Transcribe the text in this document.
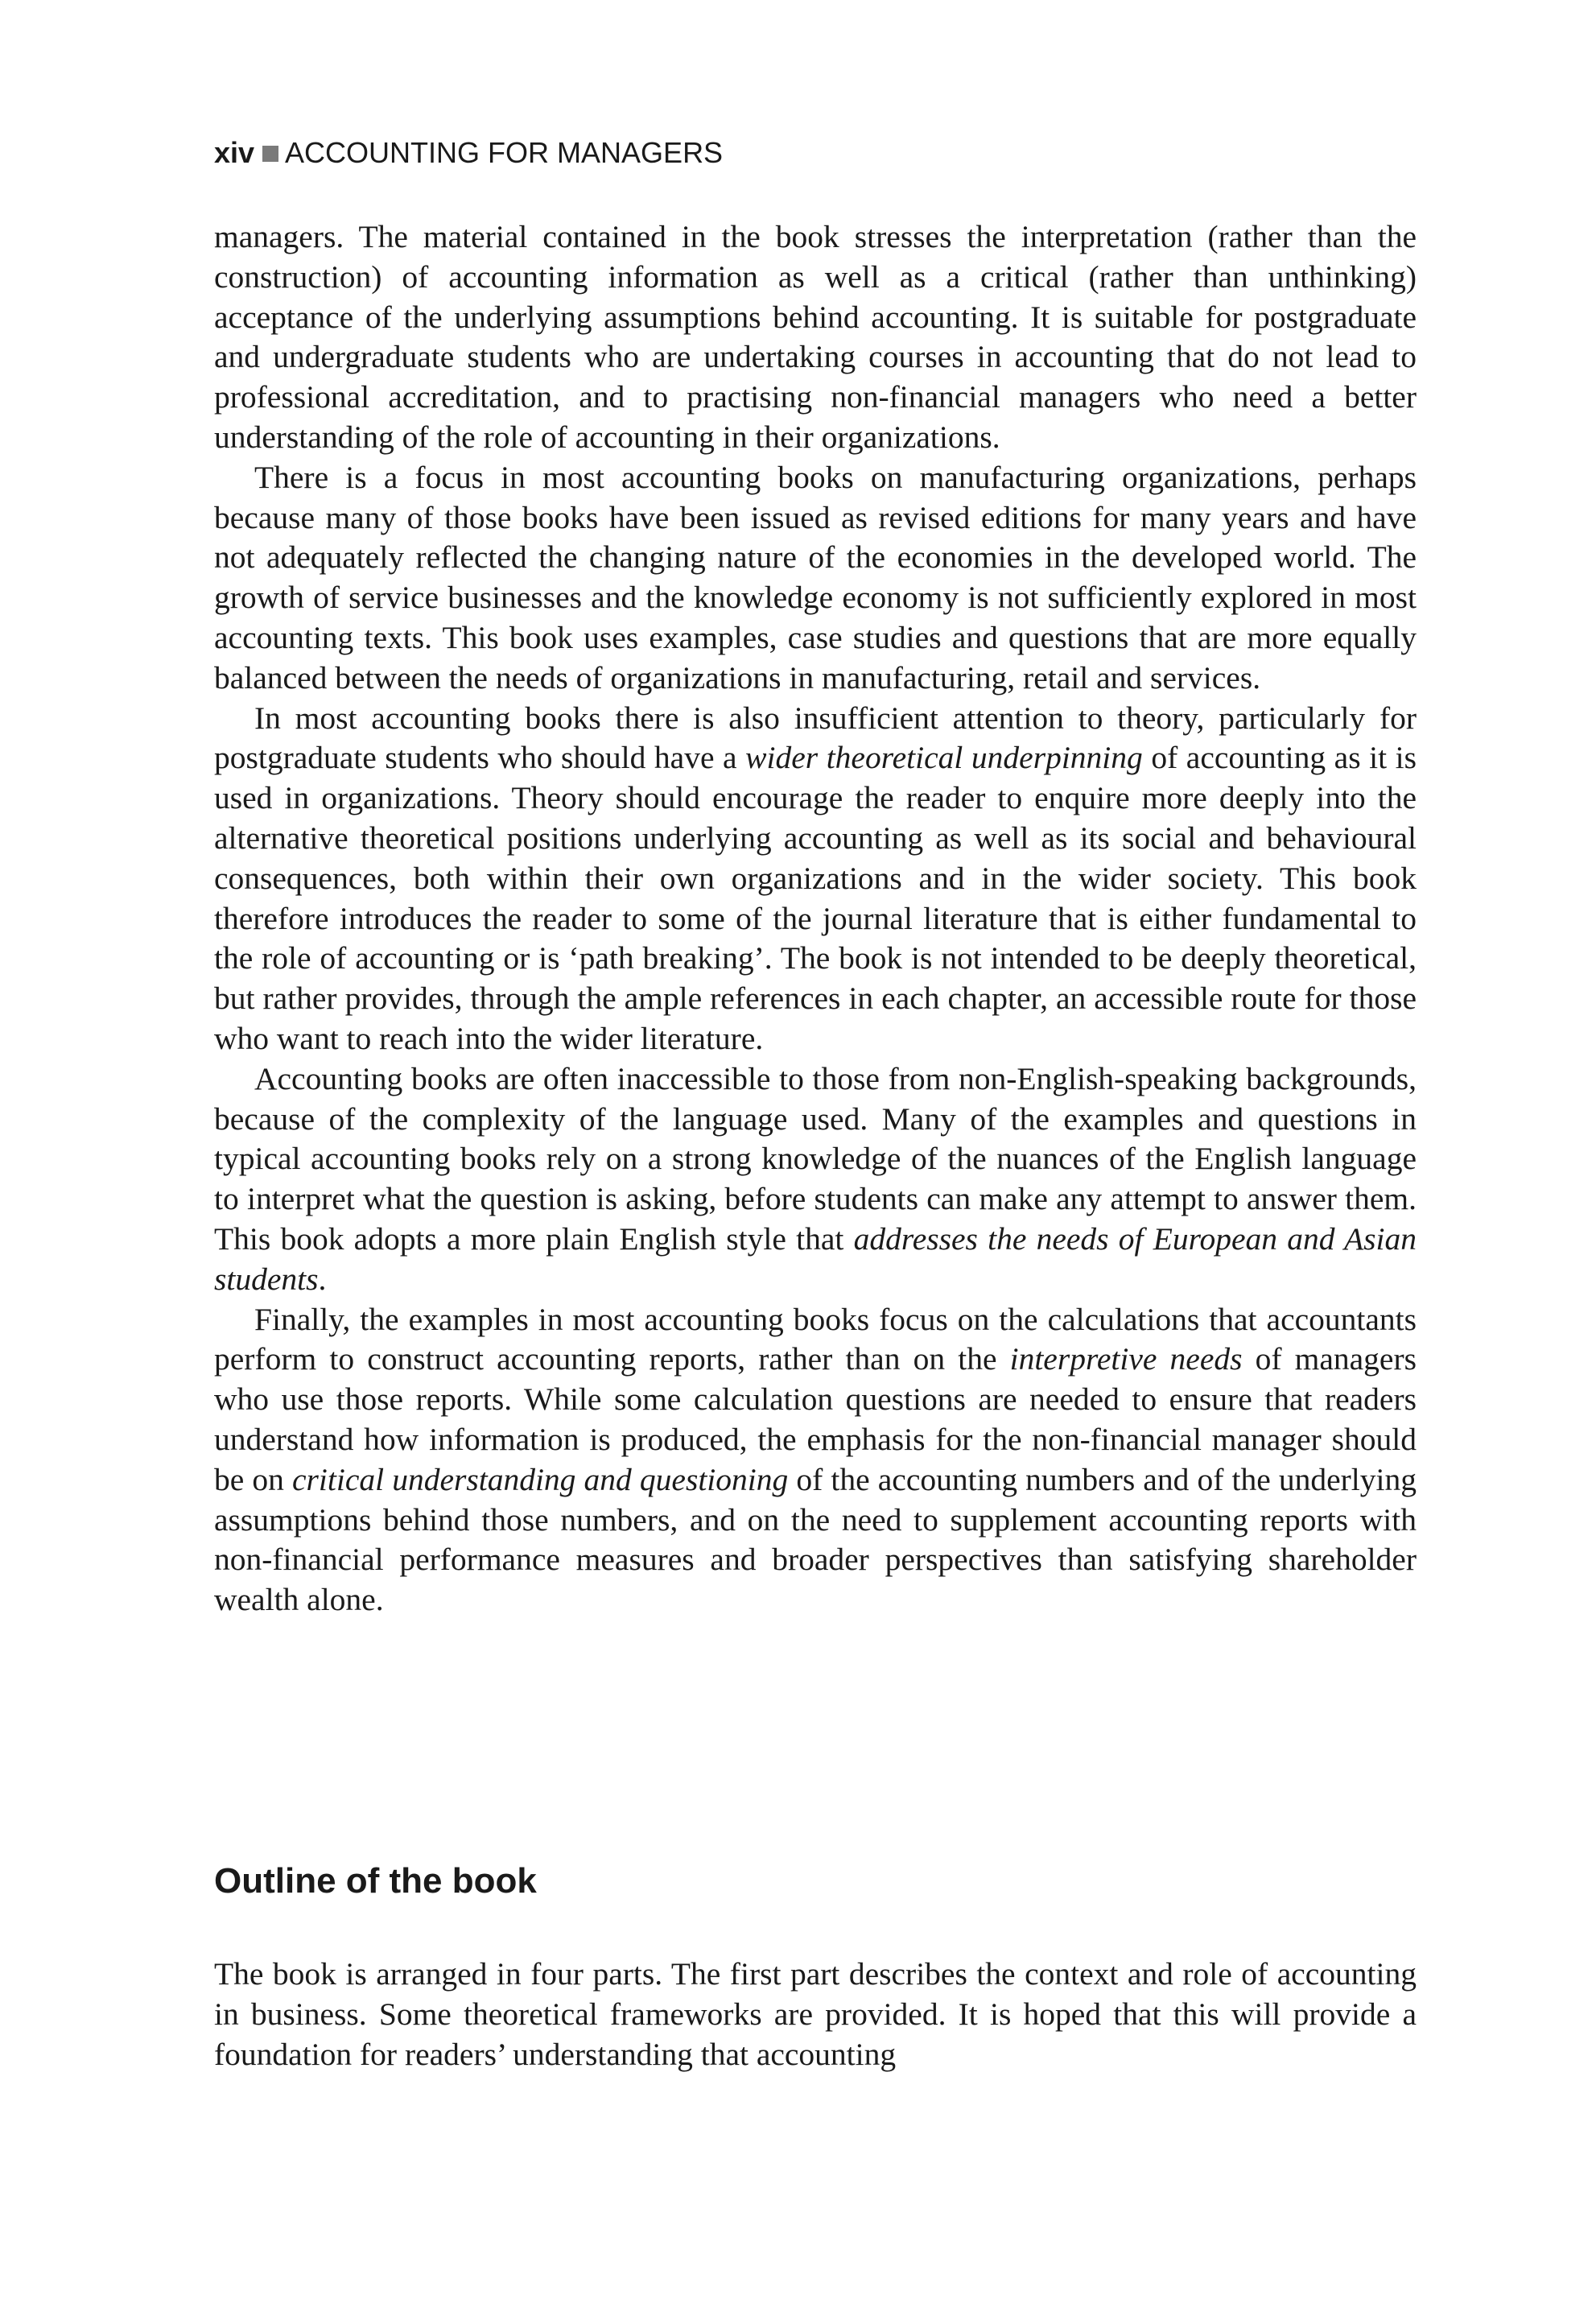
xiv ACCOUNTING FOR MANAGERS

managers. The material contained in the book stresses the interpretation (rather than the construction) of accounting information as well as a critical (rather than unthinking) acceptance of the underlying assumptions behind accounting. It is suitable for postgraduate and undergraduate students who are undertaking courses in accounting that do not lead to professional accreditation, and to practising non-financial managers who need a better understanding of the role of accounting in their organizations.

There is a focus in most accounting books on manufacturing organizations, perhaps because many of those books have been issued as revised editions for many years and have not adequately reflected the changing nature of the economies in the developed world. The growth of service businesses and the knowledge economy is not sufficiently explored in most accounting texts. This book uses examples, case studies and questions that are more equally balanced between the needs of organizations in manufacturing, retail and services.

In most accounting books there is also insufficient attention to theory, particularly for postgraduate students who should have a wider theoretical underpinning of accounting as it is used in organizations. Theory should encourage the reader to enquire more deeply into the alternative theoretical positions underlying accounting as well as its social and behavioural consequences, both within their own organizations and in the wider society. This book therefore introduces the reader to some of the journal literature that is either fundamental to the role of accounting or is ‘path breaking’. The book is not intended to be deeply theoretical, but rather provides, through the ample references in each chapter, an accessible route for those who want to reach into the wider literature.

Accounting books are often inaccessible to those from non-English-speaking backgrounds, because of the complexity of the language used. Many of the examples and questions in typical accounting books rely on a strong knowledge of the nuances of the English language to interpret what the question is asking, before students can make any attempt to answer them. This book adopts a more plain English style that addresses the needs of European and Asian students.

Finally, the examples in most accounting books focus on the calculations that accountants perform to construct accounting reports, rather than on the interpretive needs of managers who use those reports. While some calculation questions are needed to ensure that readers understand how information is produced, the emphasis for the non-financial manager should be on critical understanding and questioning of the accounting numbers and of the underlying assumptions behind those numbers, and on the need to supplement accounting reports with non-financial performance measures and broader perspectives than satisfying shareholder wealth alone.

Outline of the book

The book is arranged in four parts. The first part describes the context and role of accounting in business. Some theoretical frameworks are provided. It is hoped that this will provide a foundation for readers’ understanding that accounting
